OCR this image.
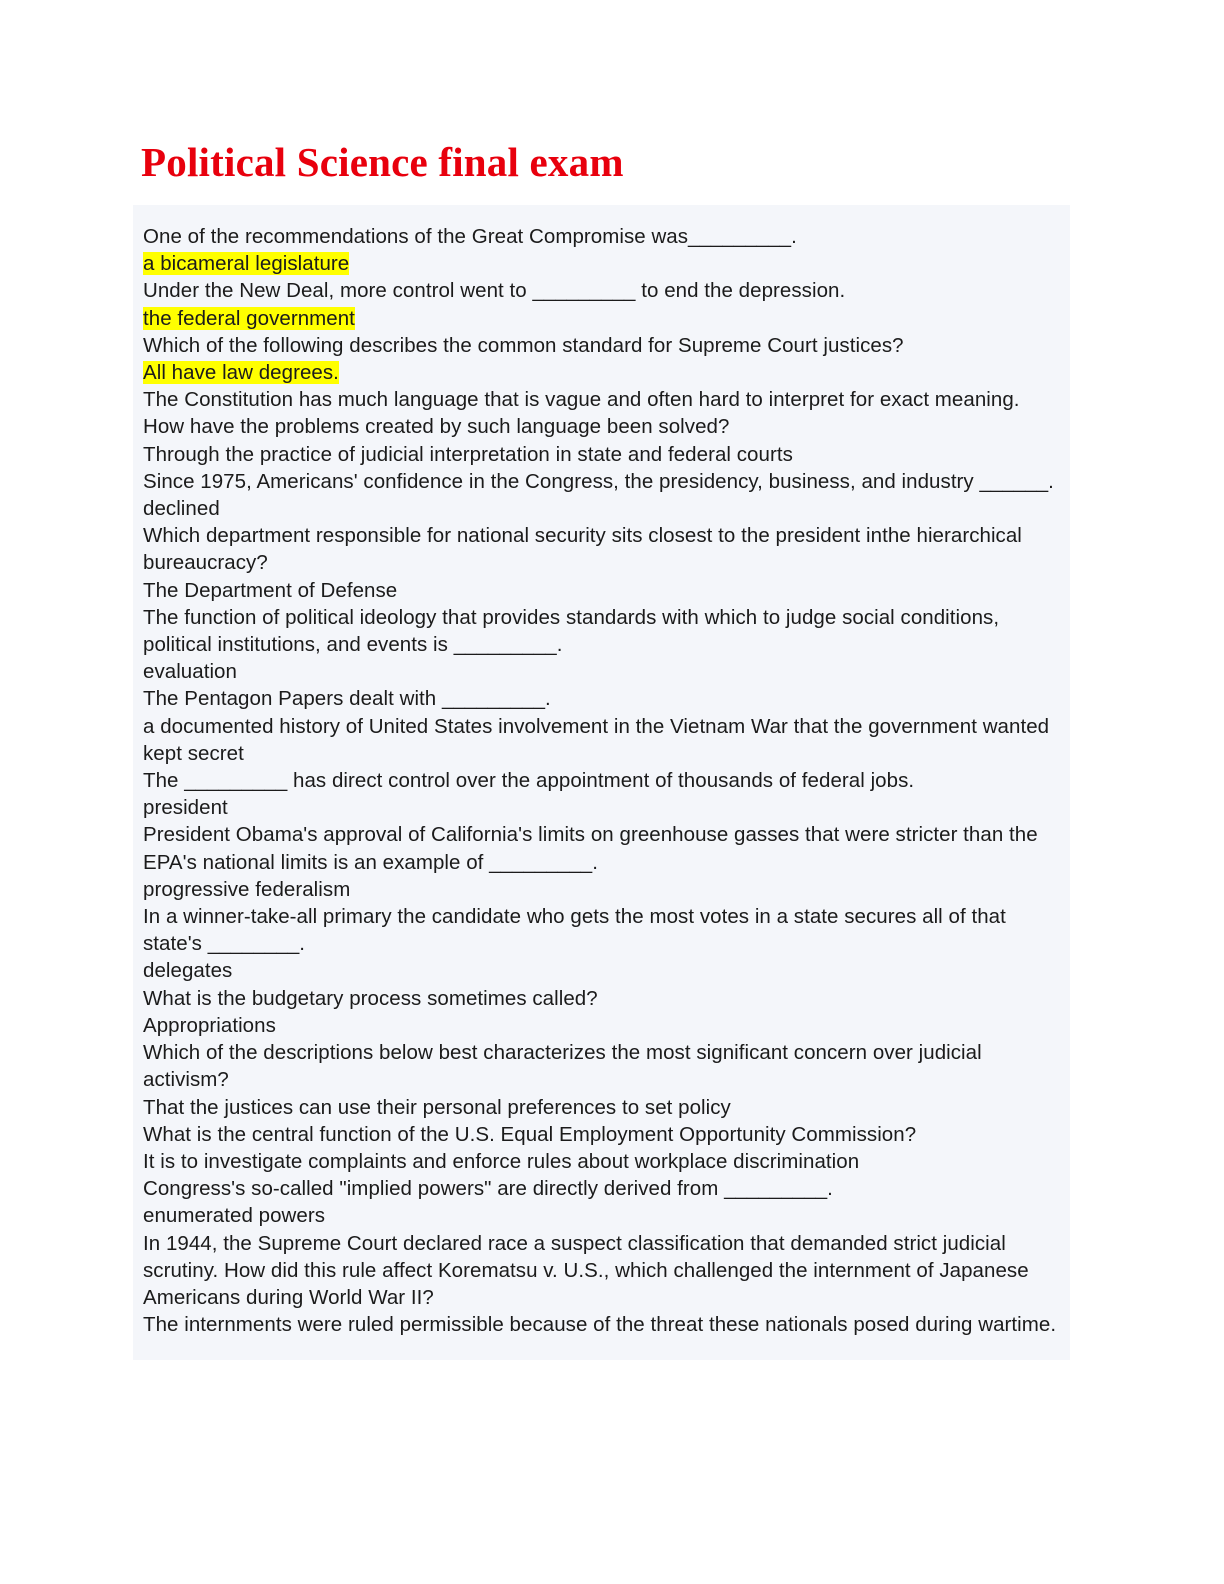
Political Science final exam
One of the recommendations of the Great Compromise was_________.
a bicameral legislature
Under the New Deal, more control went to _________ to end the depression.
the federal government
Which of the following describes the common standard for Supreme Court justices?
All have law degrees.
The Constitution has much language that is vague and often hard to interpret for exact meaning. How have the problems created by such language been solved?
Through the practice of judicial interpretation in state and federal courts
Since 1975, Americans' confidence in the Congress, the presidency, business, and industry ______.
declined
Which department responsible for national security sits closest to the president inthe hierarchical bureaucracy?
The Department of Defense
The function of political ideology that provides standards with which to judge social conditions, political institutions, and events is _________.
evaluation
The Pentagon Papers dealt with _________.
a documented history of United States involvement in the Vietnam War that the government wanted kept secret
The _________ has direct control over the appointment of thousands of federal jobs.
president
President Obama's approval of California's limits on greenhouse gasses that were stricter than the EPA's national limits is an example of _________.
progressive federalism
In a winner-take-all primary the candidate who gets the most votes in a state secures all of that state's ________.
delegates
What is the budgetary process sometimes called?
Appropriations
Which of the descriptions below best characterizes the most significant concern over judicial activism?
That the justices can use their personal preferences to set policy
What is the central function of the U.S. Equal Employment Opportunity Commission?
It is to investigate complaints and enforce rules about workplace discrimination
Congress's so-called "implied powers" are directly derived from _________.
enumerated powers
In 1944, the Supreme Court declared race a suspect classification that demanded strict judicial scrutiny. How did this rule affect Korematsu v. U.S., which challenged the internment of Japanese Americans during World War II?
The internments were ruled permissible because of the threat these nationals posed during wartime.
